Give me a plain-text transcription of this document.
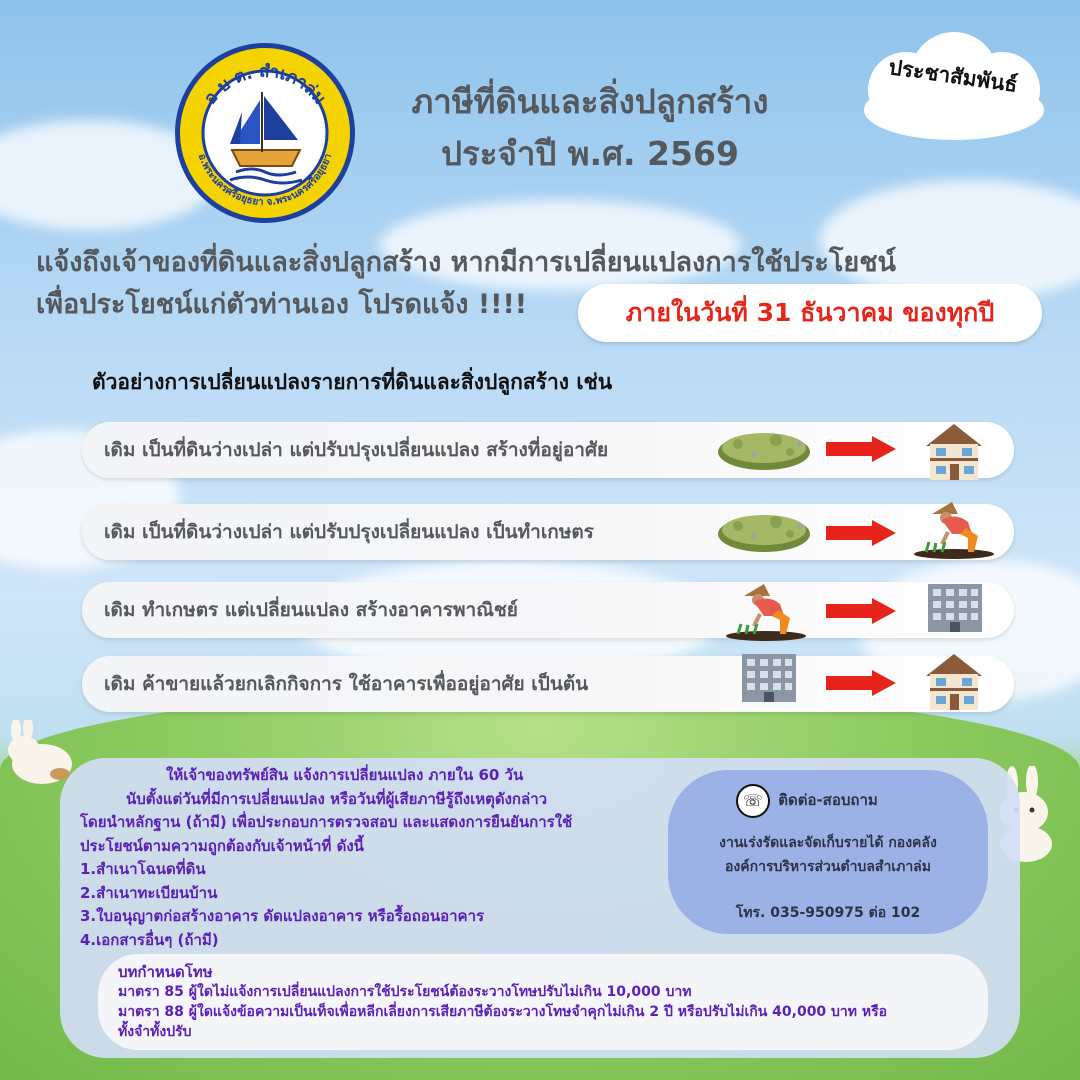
อ บ ต. สำเภาล่ม
อ.พระนครศรีอยุธยา จ.พระนครศรีอยุธยา
ภาษีที่ดินและสิ่งปลูกสร้าง
ประจำปี พ.ศ. 2569
ประชาสัมพันธ์
แจ้งถึงเจ้าของที่ดินและสิ่งปลูกสร้าง หากมีการเปลี่ยนแปลงการใช้ประโยชน์
เพื่อประโยชน์แก่ตัวท่านเอง โปรดแจ้ง !!!!	ภายในวันที่ 31 ธันวาคม ของทุกปี
ตัวอย่างการเปลี่ยนแปลงรายการที่ดินและสิ่งปลูกสร้าง เช่น
เดิม เป็นที่ดินว่างเปล่า แต่ปรับปรุงเปลี่ยนแปลง สร้างที่อยู่อาศัย
เดิม เป็นที่ดินว่างเปล่า แต่ปรับปรุงเปลี่ยนแปลง เป็นทำเกษตร
เดิม ทำเกษตร แต่เปลี่ยนแปลง สร้างอาคารพาณิชย์
เดิม ค้าขายแล้วยกเลิกกิจการ ใช้อาคารเพื่ออยู่อาศัย เป็นต้น
ให้เจ้าของทรัพย์สิน แจ้งการเปลี่ยนแปลง ภายใน 60 วัน
นับตั้งแต่วันที่มีการเปลี่ยนแปลง หรือวันที่ผู้เสียภาษีรู้ถึงเหตุดังกล่าว
โดยนำหลักฐาน (ถ้ามี) เพื่อประกอบการตรวจสอบ และแสดงการยืนยันการใช้
ประโยชน์ตามความถูกต้องกับเจ้าหน้าที่ ดังนี้
1.สำเนาโฉนดที่ดิน
2.สำเนาทะเบียนบ้าน
3.ใบอนุญาตก่อสร้างอาคาร ดัดแปลงอาคาร หรือรื้อถอนอาคาร
4.เอกสารอื่นๆ (ถ้ามี)
☏	ติดต่อ-สอบถาม
งานเร่งรัดและจัดเก็บรายได้ กองคลัง
องค์การบริหารส่วนตำบลสำเภาล่ม
โทร. 035-950975 ต่อ 102
บทกำหนดโทษ
มาตรา 85 ผู้ใดไม่แจ้งการเปลี่ยนแปลงการใช้ประโยชน์ต้องระวางโทษปรับไม่เกิน 10,000 บาท
มาตรา 88 ผู้ใดแจ้งข้อความเป็นเท็จเพื่อหลีกเลี่ยงการเสียภาษีต้องระวางโทษจำคุกไม่เกิน 2 ปี หรือปรับไม่เกิน 40,000 บาท หรือ
ทั้งจำทั้งปรับ
